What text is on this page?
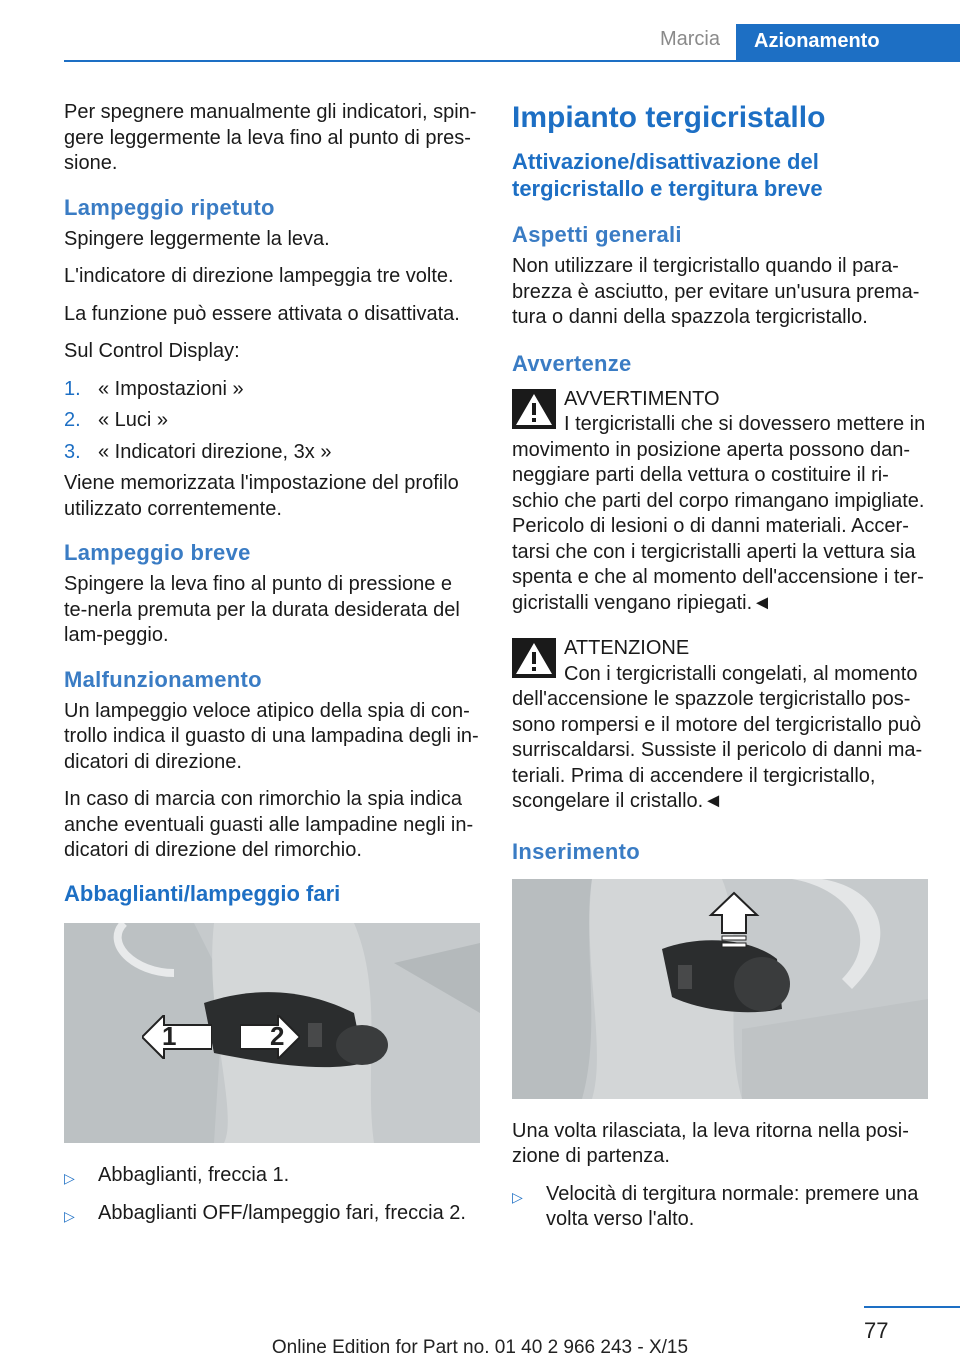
Marcia	Azionamento

Per spegnere manualmente gli indicatori, spin-gere leggermente la leva fino al punto di pres-sione.

Lampeggio ripetuto

Spingere leggermente la leva.

L'indicatore di direzione lampeggia tre volte.

La funzione può essere attivata o disattivata.

Sul Control Display:

1. « Impostazioni »
2. « Luci »
3. « Indicatori direzione, 3x »

Viene memorizzata l'impostazione del profilo utilizzato correntemente.

Lampeggio breve

Spingere la leva fino al punto di pressione e te-nerla premuta per la durata desiderata del lam-peggio.

Malfunzionamento

Un lampeggio veloce atipico della spia di con-trollo indica il guasto di una lampadina degli in-dicatori di direzione.

In caso di marcia con rimorchio la spia indica anche eventuali guasti alle lampadine negli in-dicatori di direzione del rimorchio.

Abbaglianti/lampeggio fari
1	2
▷	Abbaglianti, freccia 1.
▷	Abbaglianti OFF/lampeggio fari, freccia 2.
Impianto tergicristallo
Attivazione/disattivazione del tergicristallo e tergitura breve
Aspetti generali

Non utilizzare il tergicristallo quando il para-brezza è asciutto, per evitare un'usura prema-tura o danni della spazzola tergicristallo.

Avvertenze
AVVERTIMENTO
I tergicristalli che si dovessero mettere in
movimento in posizione aperta possono dan-neggiare parti della vettura o costituire il ri-schio che parti del corpo rimangano impigliate. Pericolo di lesioni o di danni materiali. Accer-tarsi che con i tergicristalli aperti la vettura sia spenta e che al momento dell'accensione i ter-gicristalli vengano ripiegati.◄
ATTENZIONE
Con i tergicristalli congelati, al momento
dell'accensione le spazzole tergicristallo pos-sono rompersi e il motore del tergicristallo può surriscaldarsi. Sussiste il pericolo di danni ma-teriali. Prima di accendere il tergicristallo, scongelare il cristallo.◄
Inserimento

Una volta rilasciata, la leva ritorna nella posi-zione di partenza.

▷	Velocità di tergitura normale: premere una volta verso l'alto.
77
Online Edition for Part no. 01 40 2 966 243 - X/15
